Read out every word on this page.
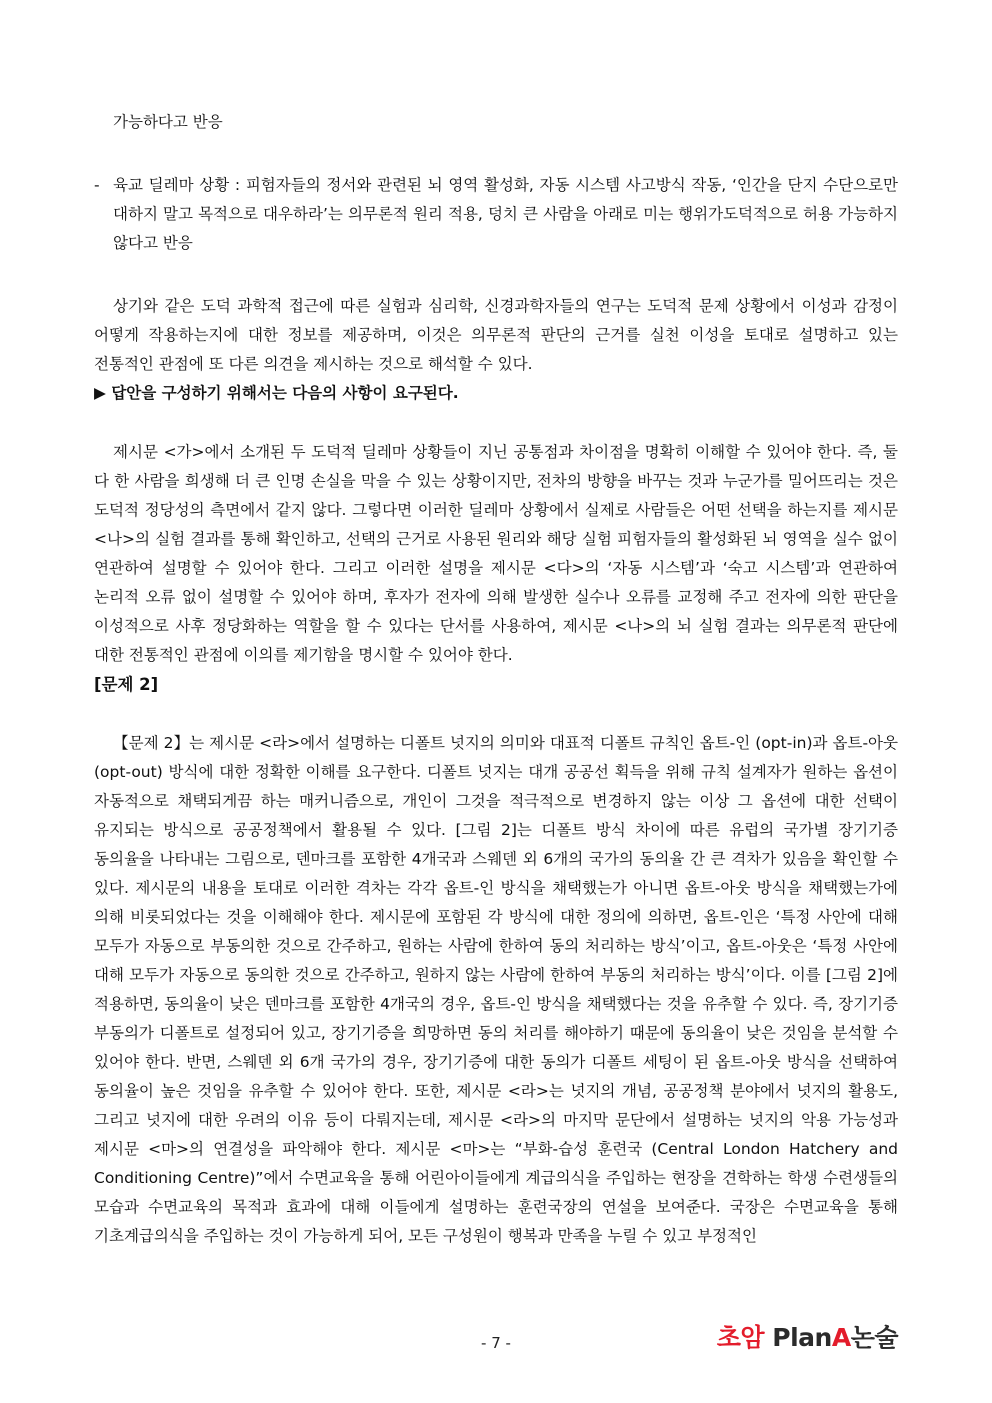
가능하다고 반응

- 육교 딜레마 상황 : 피험자들의 정서와 관련된 뇌 영역 활성화, 자동 시스템 사고방식 작동, ‘인간을 단지 수단으로만 대하지 말고 목적으로 대우하라’는 의무론적 원리 적용, 덩치 큰 사람을 아래로 미는 행위가도덕적으로 허용 가능하지 않다고 반응

상기와 같은 도덕 과학적 접근에 따른 실험과 심리학, 신경과학자들의 연구는 도덕적 문제 상황에서 이성과 감정이 어떻게 작용하는지에 대한 정보를 제공하며, 이것은 의무론적 판단의 근거를 실천 이성을 토대로 설명하고 있는 전통적인 관점에 또 다른 의견을 제시하는 것으로 해석할 수 있다.

▶ 답안을 구성하기 위해서는 다음의 사항이 요구된다.

제시문 <가>에서 소개된 두 도덕적 딜레마 상황들이 지닌 공통점과 차이점을 명확히 이해할 수 있어야 한다. 즉, 둘 다 한 사람을 희생해 더 큰 인명 손실을 막을 수 있는 상황이지만, 전차의 방향을 바꾸는 것과 누군가를 밀어뜨리는 것은 도덕적 정당성의 측면에서 같지 않다. 그렇다면 이러한 딜레마 상황에서 실제로 사람들은 어떤 선택을 하는지를 제시문 <나>의 실험 결과를 통해 확인하고, 선택의 근거로 사용된 원리와 해당 실험 피험자들의 활성화된 뇌 영역을 실수 없이 연관하여 설명할 수 있어야 한다. 그리고 이러한 설명을 제시문 <다>의 ‘자동 시스템’과 ‘숙고 시스템’과 연관하여 논리적 오류 없이 설명할 수 있어야 하며, 후자가 전자에 의해 발생한 실수나 오류를 교정해 주고 전자에 의한 판단을 이성적으로 사후 정당화하는 역할을 할 수 있다는 단서를 사용하여, 제시문 <나>의 뇌 실험 결과는 의무론적 판단에 대한 전통적인 관점에 이의를 제기함을 명시할 수 있어야 한다.

[문제 2]

【문제 2】는 제시문 <라>에서 설명하는 디폴트 넛지의 의미와 대표적 디폴트 규칙인 옵트-인 (opt-in)과 옵트-아웃 (opt-out) 방식에 대한 정확한 이해를 요구한다. 디폴트 넛지는 대개 공공선 획득을 위해 규칙 설계자가 원하는 옵션이 자동적으로 채택되게끔 하는 매커니즘으로, 개인이 그것을 적극적으로 변경하지 않는 이상 그 옵션에 대한 선택이 유지되는 방식으로 공공정책에서 활용될 수 있다. [그림 2]는 디폴트 방식 차이에 따른 유럽의 국가별 장기기증 동의율을 나타내는 그림으로, 덴마크를 포함한 4개국과 스웨덴 외 6개의 국가의 동의율 간 큰 격차가 있음을 확인할 수 있다. 제시문의 내용을 토대로 이러한 격차는 각각 옵트-인 방식을 채택했는가 아니면 옵트-아웃 방식을 채택했는가에 의해 비롯되었다는 것을 이해해야 한다. 제시문에 포함된 각 방식에 대한 정의에 의하면, 옵트-인은 ‘특정 사안에 대해 모두가 자동으로 부동의한 것으로 간주하고, 원하는 사람에 한하여 동의 처리하는 방식’이고, 옵트-아웃은 ‘특정 사안에 대해 모두가 자동으로 동의한 것으로 간주하고, 원하지 않는 사람에 한하여 부동의 처리하는 방식’이다. 이를 [그림 2]에 적용하면, 동의율이 낮은 덴마크를 포함한 4개국의 경우, 옵트-인 방식을 채택했다는 것을 유추할 수 있다. 즉, 장기기증 부동의가 디폴트로 설정되어 있고, 장기기증을 희망하면 동의 처리를 해야하기 때문에 동의율이 낮은 것임을 분석할 수 있어야 한다. 반면, 스웨덴 외 6개 국가의 경우, 장기기증에 대한 동의가 디폴트 세팅이 된 옵트-아웃 방식을 선택하여 동의율이 높은 것임을 유추할 수 있어야 한다. 또한, 제시문 <라>는 넛지의 개념, 공공정책 분야에서 넛지의 활용도, 그리고 넛지에 대한 우려의 이유 등이 다뤄지는데, 제시문 <라>의 마지막 문단에서 설명하는 넛지의 악용 가능성과 제시문 <마>의 연결성을 파악해야 한다. 제시문 <마>는 “부화-습성 훈련국 (Central London Hatchery and Conditioning Centre)”에서 수면교육을 통해 어린아이들에게 계급의식을 주입하는 현장을 견학하는 학생 수련생들의 모습과 수면교육의 목적과 효과에 대해 이들에게 설명하는 훈련국장의 연설을 보여준다. 국장은 수면교육을 통해 기초계급의식을 주입하는 것이 가능하게 되어, 모든 구성원이 행복과 만족을 누릴 수 있고 부정적인

- 7 -	초암 PlanA논술
